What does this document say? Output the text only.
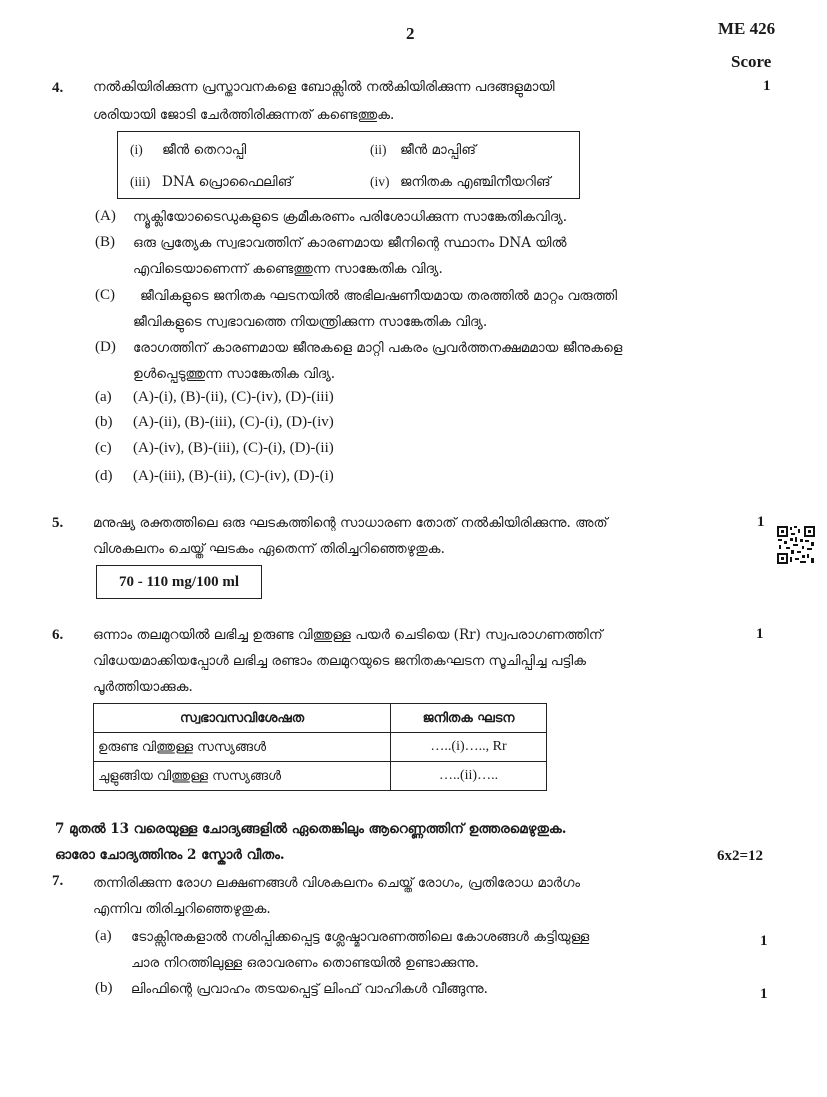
2	ME 426
Score
4.	1
നൽകിയിരിക്കുന്ന പ്രസ്താവനകളെ ബോക്സിൽ നൽകിയിരിക്കുന്ന പദങ്ങളുമായി
ശരിയായി ജോടി ചേർത്തിരിക്കുന്നത് കണ്ടെത്തുക.
(i) ജീൻ തെറാപ്പി	(ii) ജീൻ മാപ്പിങ്
(iii) DNA പ്രൊഫൈലിങ്	(iv) ജനിതക എഞ്ചിനീയറിങ്
(A) ന്യൂക്ലിയോടൈഡുകളുടെ ക്രമീകരണം പരിശോധിക്കുന്ന സാങ്കേതികവിദ്യ.
(B) ഒരു പ്രത്യേക സ്വഭാവത്തിന് കാരണമായ ജീനിന്റെ സ്ഥാനം DNA യിൽ
എവിടെയാണെന്ന് കണ്ടെത്തുന്ന സാങ്കേതിക വിദ്യ.
(C) ജീവികളുടെ ജനിതക ഘടനയിൽ അഭിലഷണീയമായ തരത്തിൽ മാറ്റം വരുത്തി
ജീവികളുടെ സ്വഭാവത്തെ നിയന്ത്രിക്കുന്ന സാങ്കേതിക വിദ്യ.
(D) രോഗത്തിന് കാരണമായ ജീനുകളെ മാറ്റി പകരം പ്രവർത്തനക്ഷമമായ ജീനുകളെ
ഉൾപ്പെടുത്തുന്ന സാങ്കേതിക വിദ്യ.
(a) (A)-(i), (B)-(ii), (C)-(iv), (D)-(iii)
(b) (A)-(ii), (B)-(iii), (C)-(i), (D)-(iv)
(c) (A)-(iv), (B)-(iii), (C)-(i), (D)-(ii)
(d) (A)-(iii), (B)-(ii), (C)-(iv), (D)-(i)
5.	1
മനുഷ്യ രക്തത്തിലെ ഒരു ഘടകത്തിന്റെ സാധാരണ തോത് നൽകിയിരിക്കുന്നു. അത്
വിശകലനം ചെയ്ത് ഘടകം ഏതെന്ന് തിരിച്ചറിഞ്ഞെഴുതുക.
70 - 110 mg/100 ml
6.	1
ഒന്നാം തലമുറയിൽ ലഭിച്ച ഉരുണ്ട വിത്തുള്ള പയർ ചെടിയെ (Rr) സ്വപരാഗണത്തിന്
വിധേയമാക്കിയപ്പോൾ ലഭിച്ച രണ്ടാം തലമുറയുടെ ജനിതകഘടന സൂചിപ്പിച്ച പട്ടിക
പൂർത്തിയാക്കുക.
സ്വഭാവസവിശേഷത	ജനിതക ഘടന
ഉരുണ്ട വിത്തുള്ള സസ്യങ്ങൾ	…..(i)….., Rr
ചുളുങ്ങിയ വിത്തുള്ള സസ്യങ്ങൾ	…..(ii)…..
7 മുതൽ 13 വരെയുള്ള ചോദ്യങ്ങളിൽ ഏതെങ്കിലും ആറെണ്ണത്തിന് ഉത്തരമെഴുതുക.
ഓരോ ചോദ്യത്തിനും 2 സ്കോർ വീതം.	6x2=12
7. തന്നിരിക്കുന്ന രോഗ ലക്ഷണങ്ങൾ വിശകലനം ചെയ്ത് രോഗം, പ്രതിരോധ മാർഗം
എന്നിവ തിരിച്ചറിഞ്ഞെഴുതുക.
(a) ടോക്സിനുകളാൽ നശിപ്പിക്കപ്പെട്ട ശ്ലേഷ്മാവരണത്തിലെ കോശങ്ങൾ കട്ടിയുള്ള
ചാര നിറത്തിലുള്ള ഒരാവരണം തൊണ്ടയിൽ ഉണ്ടാക്കുന്നു.
1
(b) ലിംഫിന്റെ പ്രവാഹം തടയപ്പെട്ട് ലിംഫ് വാഹികൾ വീങ്ങുന്നു.	1
